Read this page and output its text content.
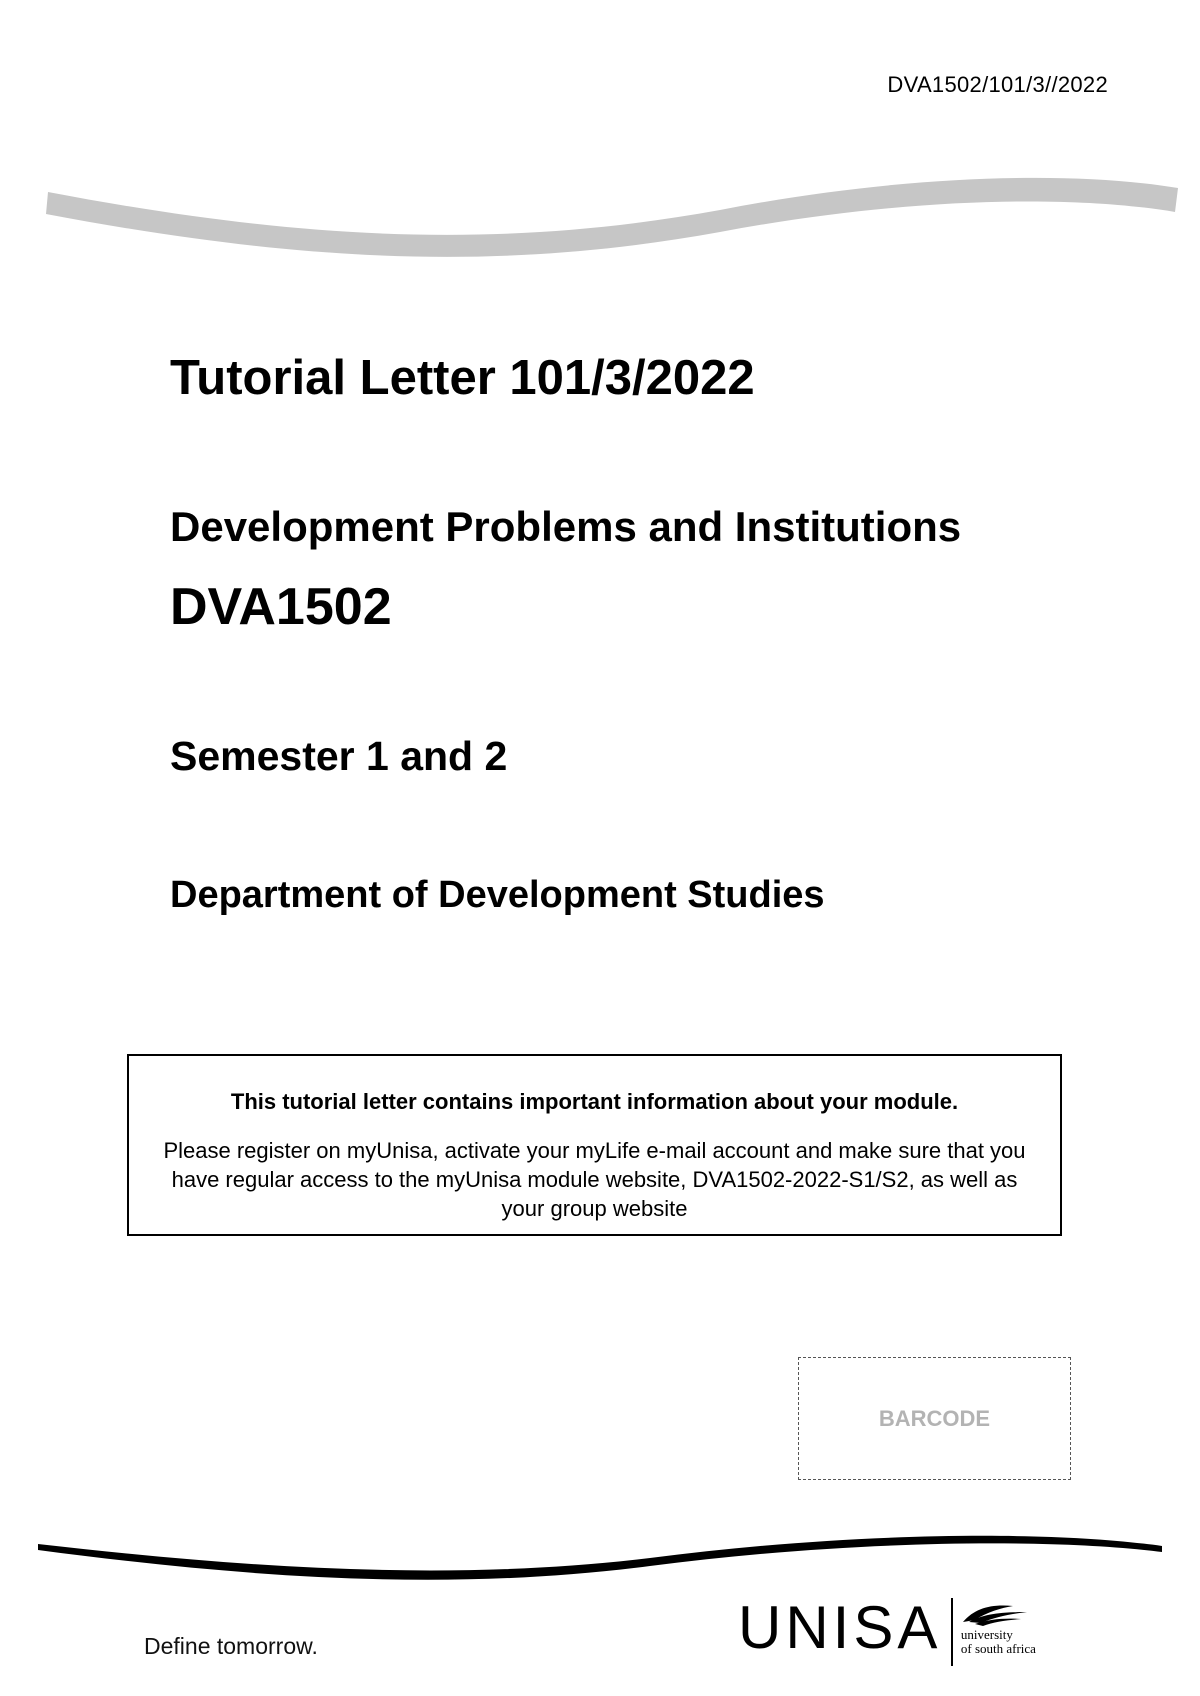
DVA1502/101/3//2022
Tutorial Letter 101/3/2022
Development Problems and Institutions
DVA1502
Semester 1 and 2
Department of Development Studies
This tutorial letter contains important information about your module.
Please register on myUnisa, activate your myLife e-mail account and make sure that you have regular access to the myUnisa module website, DVA1502-2022-S1/S2, as well as your group website
BARCODE
Define tomorrow.	UNISA university
of south africa
